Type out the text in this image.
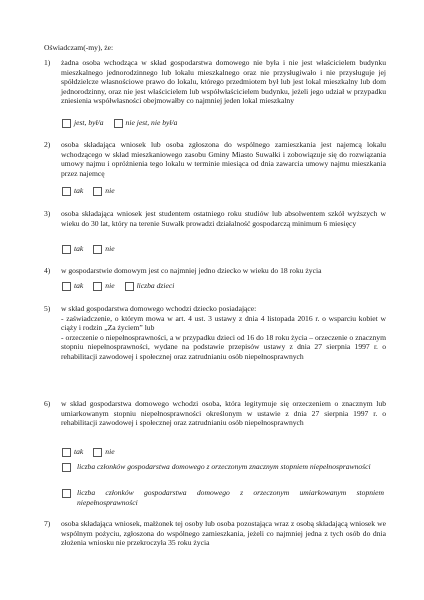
Oświadczam(-my), że:
1) żadna osoba wchodząca w skład gospodarstwa domowego nie była i nie jest właścicielem budynku mieszkalnego jednorodzinnego lub lokalu mieszkalnego oraz nie przysługiwało i nie przysługuje jej spółdzielcze własnościowe prawo do lokalu, którego przedmiotem był lub jest lokal mieszkalny lub dom jednorodzinny, oraz nie jest właścicielem lub współwłaścicielem budynku, jeżeli jego udział w przypadku zniesienia współwłasności obejmowałby co najmniej jeden lokal mieszkalny
jest, był/a	nie jest, nie był/a
2) osoba składająca wniosek lub osoba zgłoszona do wspólnego zamieszkania jest najemcą lokalu wchodzącego w skład mieszkaniowego zasobu Gminy Miasto Suwałki i zobowiązuje się do rozwiązania umowy najmu i opróżnienia tego lokalu w terminie miesiąca od dnia zawarcia umowy najmu mieszkania przez najemcę
tak	nie
3) osoba składająca wniosek jest studentem ostatniego roku studiów lub absolwentem szkół wyższych w wieku do 30 lat, który na terenie Suwałk prowadzi działalność gospodarczą minimum 6 miesięcy
tak	nie
4) w gospodarstwie domowym jest co najmniej jedno dziecko w wieku do 18 roku życia
tak	nie	liczba dzieci
5) w skład gospodarstwa domowego wchodzi dziecko posiadające:
- zaświadczenie, o którym mowa w art. 4 ust. 3 ustawy z dnia 4 listopada 2016 r. o wsparciu kobiet w ciąży i rodzin „Za życiem” lub
- orzeczenie o niepełnosprawności, a w przypadku dzieci od 16 do 18 roku życia – orzeczenie o znacznym stopniu niepełnosprawności, wydane na podstawie przepisów ustawy z dnia 27 sierpnia 1997 r. o rehabilitacji zawodowej i społecznej oraz zatrudnianiu osób niepełnosprawnych
6) w skład gospodarstwa domowego wchodzi osoba, która legitymuje się orzeczeniem o znacznym lub umiarkowanym stopniu niepełnosprawności określonym w ustawie z dnia 27 sierpnia 1997 r. o rehabilitacji zawodowej i społecznej oraz zatrudnianiu osób niepełnosprawnych
tak	nie
liczba członków gospodarstwa domowego z orzeczonym znacznym stopniem niepełnosprawności
liczba członków gospodarstwa domowego z orzeczonym umiarkowanym stopniem niepełnosprawności
7) osoba składająca wniosek, małżonek tej osoby lub osoba pozostająca wraz z osobą składającą wniosek we wspólnym pożyciu, zgłoszona do wspólnego zamieszkania, jeżeli co najmniej jedna z tych osób do dnia złożenia wniosku nie przekroczyła 35 roku życia
